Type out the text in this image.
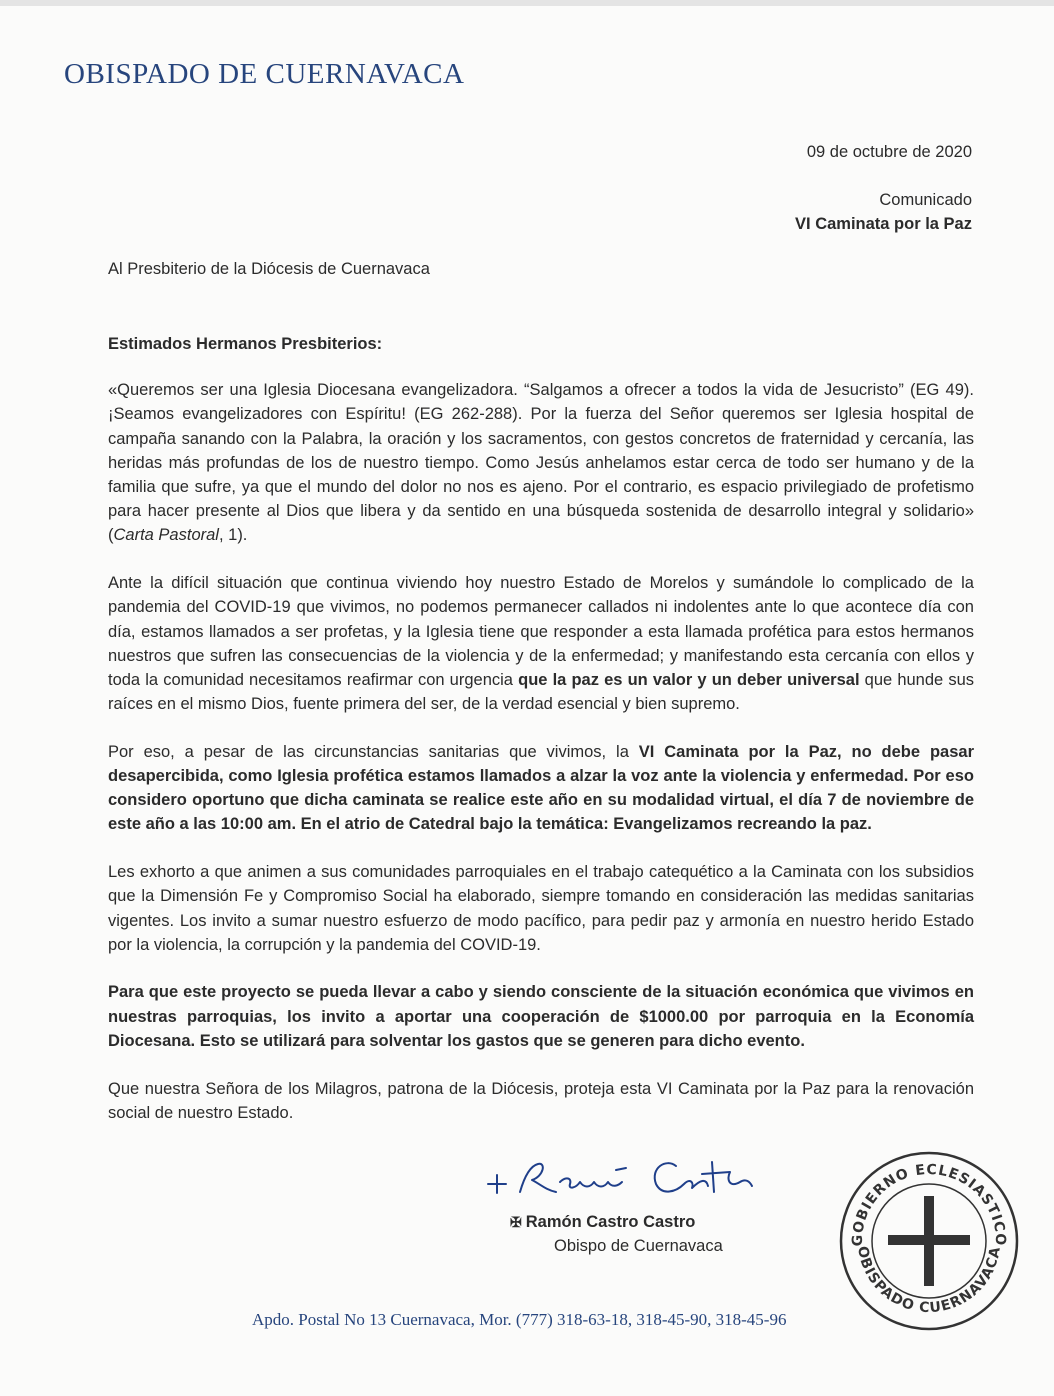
OBISPADO DE CUERNAVACA
09 de octubre de 2020
Comunicado
VI Caminata por la Paz
Al Presbiterio de la Diócesis de Cuernavaca
Estimados Hermanos Presbiterios:

«Queremos ser una Iglesia Diocesana evangelizadora. “Salgamos a ofrecer a todos la vida de Jesucristo” (EG 49). ¡Seamos evangelizadores con Espíritu! (EG 262-288). Por la fuerza del Señor queremos ser Iglesia hospital de campaña sanando con la Palabra, la oración y los sacramentos, con gestos concretos de fraternidad y cercanía, las heridas más profundas de los de nuestro tiempo. Como Jesús anhelamos estar cerca de todo ser humano y de la familia que sufre, ya que el mundo del dolor no nos es ajeno. Por el contrario, es espacio privilegiado de profetismo para hacer presente al Dios que libera y da sentido en una búsqueda sostenida de desarrollo integral y solidario» (Carta Pastoral, 1).

Ante la difícil situación que continua viviendo hoy nuestro Estado de Morelos y sumándole lo complicado de la pandemia del COVID-19 que vivimos, no podemos permanecer callados ni indolentes ante lo que acontece día con día, estamos llamados a ser profetas, y la Iglesia tiene que responder a esta llamada profética para estos hermanos nuestros que sufren las consecuencias de la violencia y de la enfermedad; y manifestando esta cercanía con ellos y toda la comunidad necesitamos reafirmar con urgencia que la paz es un valor y un deber universal que hunde sus raíces en el mismo Dios, fuente primera del ser, de la verdad esencial y bien supremo.

Por eso, a pesar de las circunstancias sanitarias que vivimos, la VI Caminata por la Paz, no debe pasar desapercibida, como Iglesia profética estamos llamados a alzar la voz ante la violencia y enfermedad. Por eso considero oportuno que dicha caminata se realice este año en su modalidad virtual, el día 7 de noviembre de este año a las 10:00 am. En el atrio de Catedral bajo la temática: Evangelizamos recreando la paz.

Les exhorto a que animen a sus comunidades parroquiales en el trabajo catequético a la Caminata con los subsidios que la Dimensión Fe y Compromiso Social ha elaborado, siempre tomando en consideración las medidas sanitarias vigentes. Los invito a sumar nuestro esfuerzo de modo pacífico, para pedir paz y armonía en nuestro herido Estado por la violencia, la corrupción y la pandemia del COVID-19.

Para que este proyecto se pueda llevar a cabo y siendo consciente de la situación económica que vivimos en nuestras parroquias, los invito a aportar una cooperación de $1000.00 por parroquia en la Economía Diocesana. Esto se utilizará para solventar los gastos que se generen para dicho evento.

Que nuestra Señora de los Milagros, patrona de la Diócesis, proteja esta VI Caminata por la Paz para la renovación social de nuestro Estado.

✠ Ramón Castro Castro
Obispo de Cuernavaca	GOBIERNO ECLESIASTICO
OBISPADO CUERNAVACA
Apdo. Postal No 13 Cuernavaca, Mor. (777) 318-63-18, 318-45-90, 318-45-96
